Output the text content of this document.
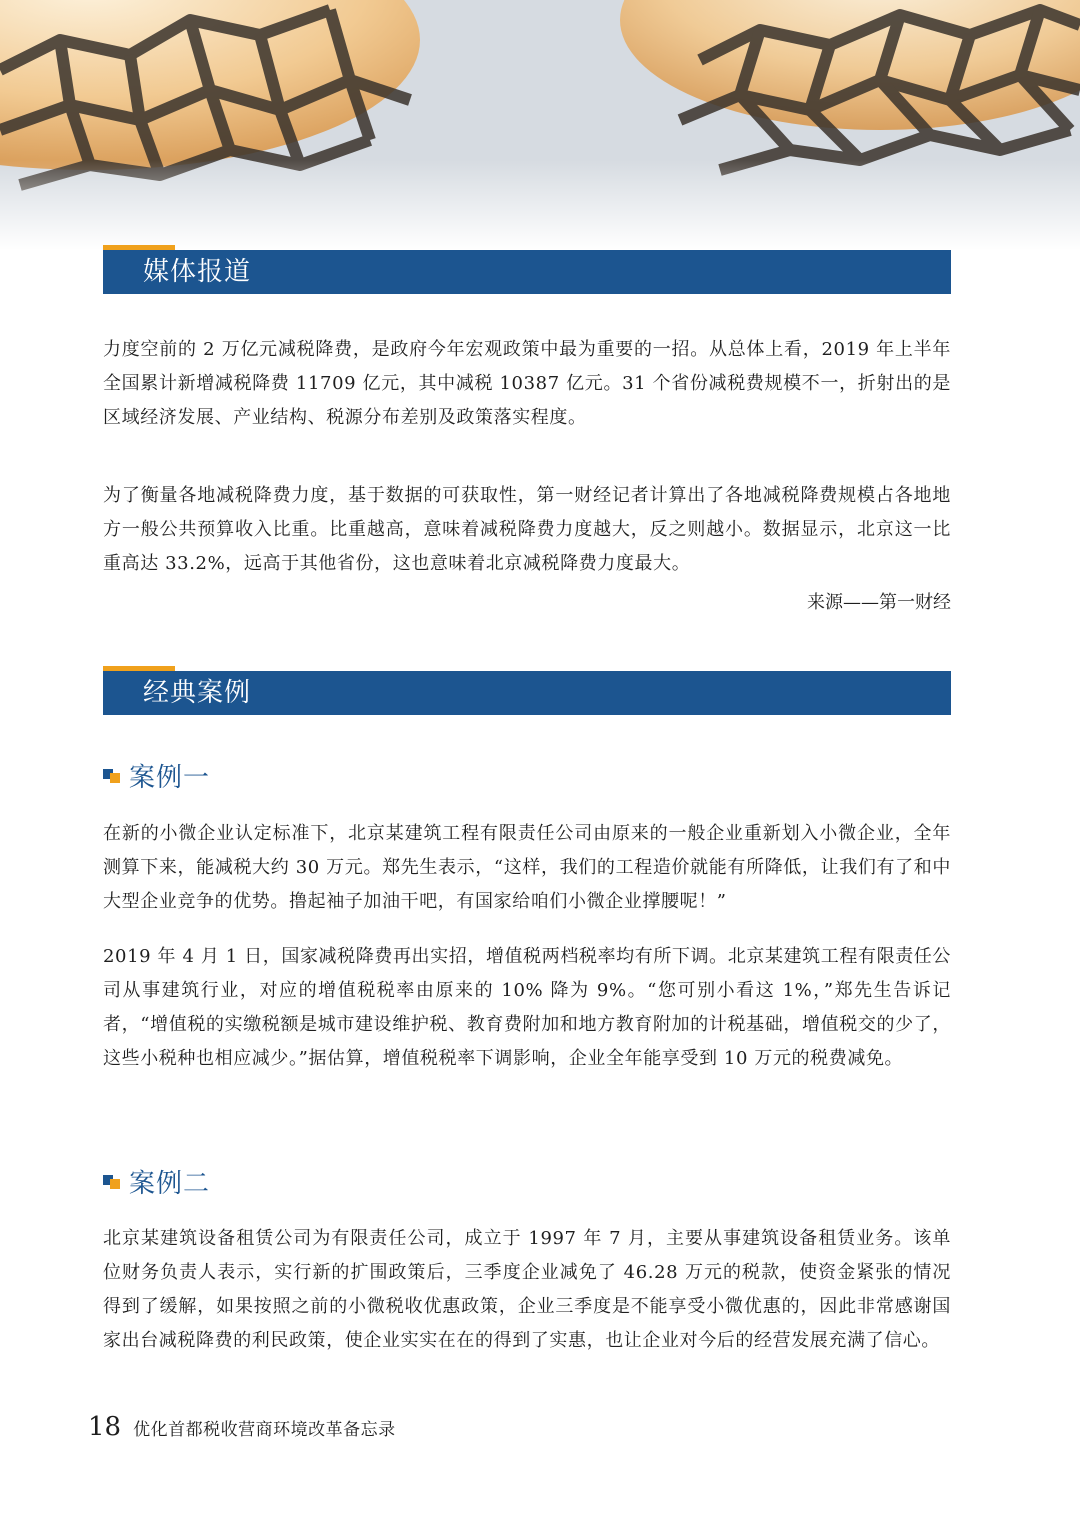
媒体报道

力度空前的 2 万亿元减税降费，是政府今年宏观政策中最为重要的一招。从总体上看，2019 年上半年全国累计新增减税降费 11709 亿元，其中减税 10387 亿元。31 个省份减税费规模不一，折射出的是区域经济发展、产业结构、税源分布差别及政策落实程度。

为了衡量各地减税降费力度，基于数据的可获取性，第一财经记者计算出了各地减税降费规模占各地地方一般公共预算收入比重。比重越高，意味着减税降费力度越大，反之则越小。数据显示，北京这一比重高达 33.2%，远高于其他省份，这也意味着北京减税降费力度最大。

来源——第一财经
经典案例
案例一

在新的小微企业认定标准下，北京某建筑工程有限责任公司由原来的一般企业重新划入小微企业，全年测算下来，能减税大约 30 万元。郑先生表示，“这样，我们的工程造价就能有所降低，让我们有了和中大型企业竞争的优势。撸起袖子加油干吧，有国家给咱们小微企业撑腰呢！”

2019 年 4 月 1 日，国家减税降费再出实招，增值税两档税率均有所下调。北京某建筑工程有限责任公司从事建筑行业，对应的增值税税率由原来的 10% 降为 9%。“您可别小看这 1%，”郑先生告诉记者，“增值税的实缴税额是城市建设维护税、教育费附加和地方教育附加的计税基础，增值税交的少了，这些小税种也相应减少。”据估算，增值税税率下调影响，企业全年能享受到 10 万元的税费减免。

案例二

北京某建筑设备租赁公司为有限责任公司，成立于 1997 年 7 月，主要从事建筑设备租赁业务。该单位财务负责人表示，实行新的扩围政策后，三季度企业减免了 46.28 万元的税款，使资金紧张的情况得到了缓解，如果按照之前的小微税收优惠政策，企业三季度是不能享受小微优惠的，因此非常感谢国家出台减税降费的利民政策，使企业实实在在的得到了实惠，也让企业对今后的经营发展充满了信心。

18 优化首都税收营商环境改革备忘录
